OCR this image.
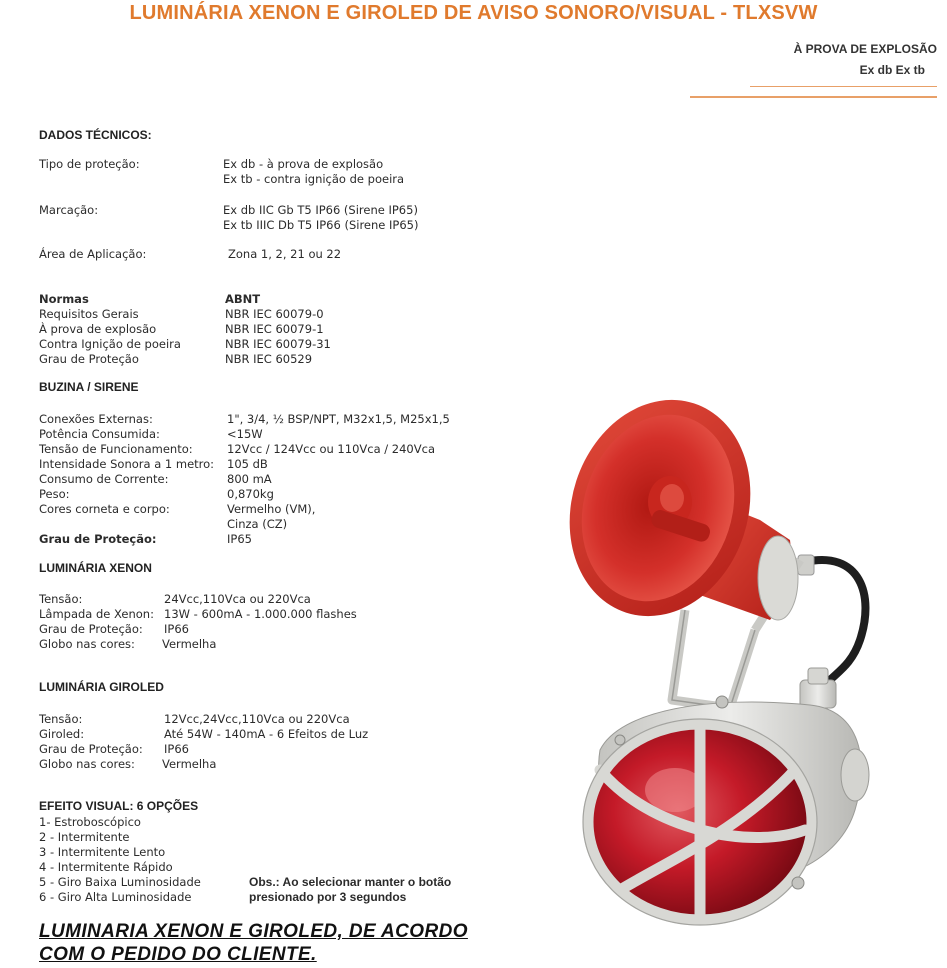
LUMINÁRIA XENON E GIROLED DE AVISO SONORO/VISUAL - TLXSVW
À PROVA DE EXPLOSÃO
Ex db Ex tb
DADOS TÉCNICOS:
Tipo de proteção:	Ex db - à prova de explosão
Ex tb - contra ignição de poeira
Marcação:	Ex db IIC Gb T5 IP66 (Sirene IP65)
Ex tb IIIC Db T5 IP66 (Sirene IP65)
Área de Aplicação:	Zona 1, 2, 21 ou 22
Normas	ABNT
Requisitos Gerais	NBR IEC 60079-0
À prova de explosão	NBR IEC 60079-1
Contra Ignição de poeira	NBR IEC 60079-31
Grau de Proteção	NBR IEC 60529
BUZINA / SIRENE
Conexões Externas:	1", 3/4, ½ BSP/NPT, M32x1,5, M25x1,5
Potência Consumida:	<15W
Tensão de Funcionamento:	12Vcc / 124Vcc ou 110Vca / 240Vca
Intensidade Sonora a 1 metro: 105 dB
Consumo de Corrente:	800 mA
Peso:	0,870kg
Cores corneta e corpo:	Vermelho (VM),
Cinza (CZ)
Grau de Proteção:	IP65
LUMINÁRIA XENON
Tensão:	24Vcc,110Vca ou 220Vca
Lâmpada de Xenon: 13W - 600mA - 1.000.000 flashes
Grau de Proteção: IP66
Globo nas cores: Vermelha
LUMINÁRIA GIROLED
Tensão:	12Vcc,24Vcc,110Vca ou 220Vca
Giroled:	Até 54W - 140mA - 6 Efeitos de Luz
Grau de Proteção: IP66
Globo nas cores: Vermelha
EFEITO VISUAL: 6 OPÇÕES
1- Estroboscópico
2 - Intermitente
3 - Intermitente Lento
4 - Intermitente Rápido
5 - Giro Baixa Luminosidade
6 - Giro Alta Luminosidade
Obs.: Ao selecionar manter o botão
presionado por 3 segundos
LUMINARIA XENON E GIROLED, DE ACORDO
COM O PEDIDO DO CLIENTE.
